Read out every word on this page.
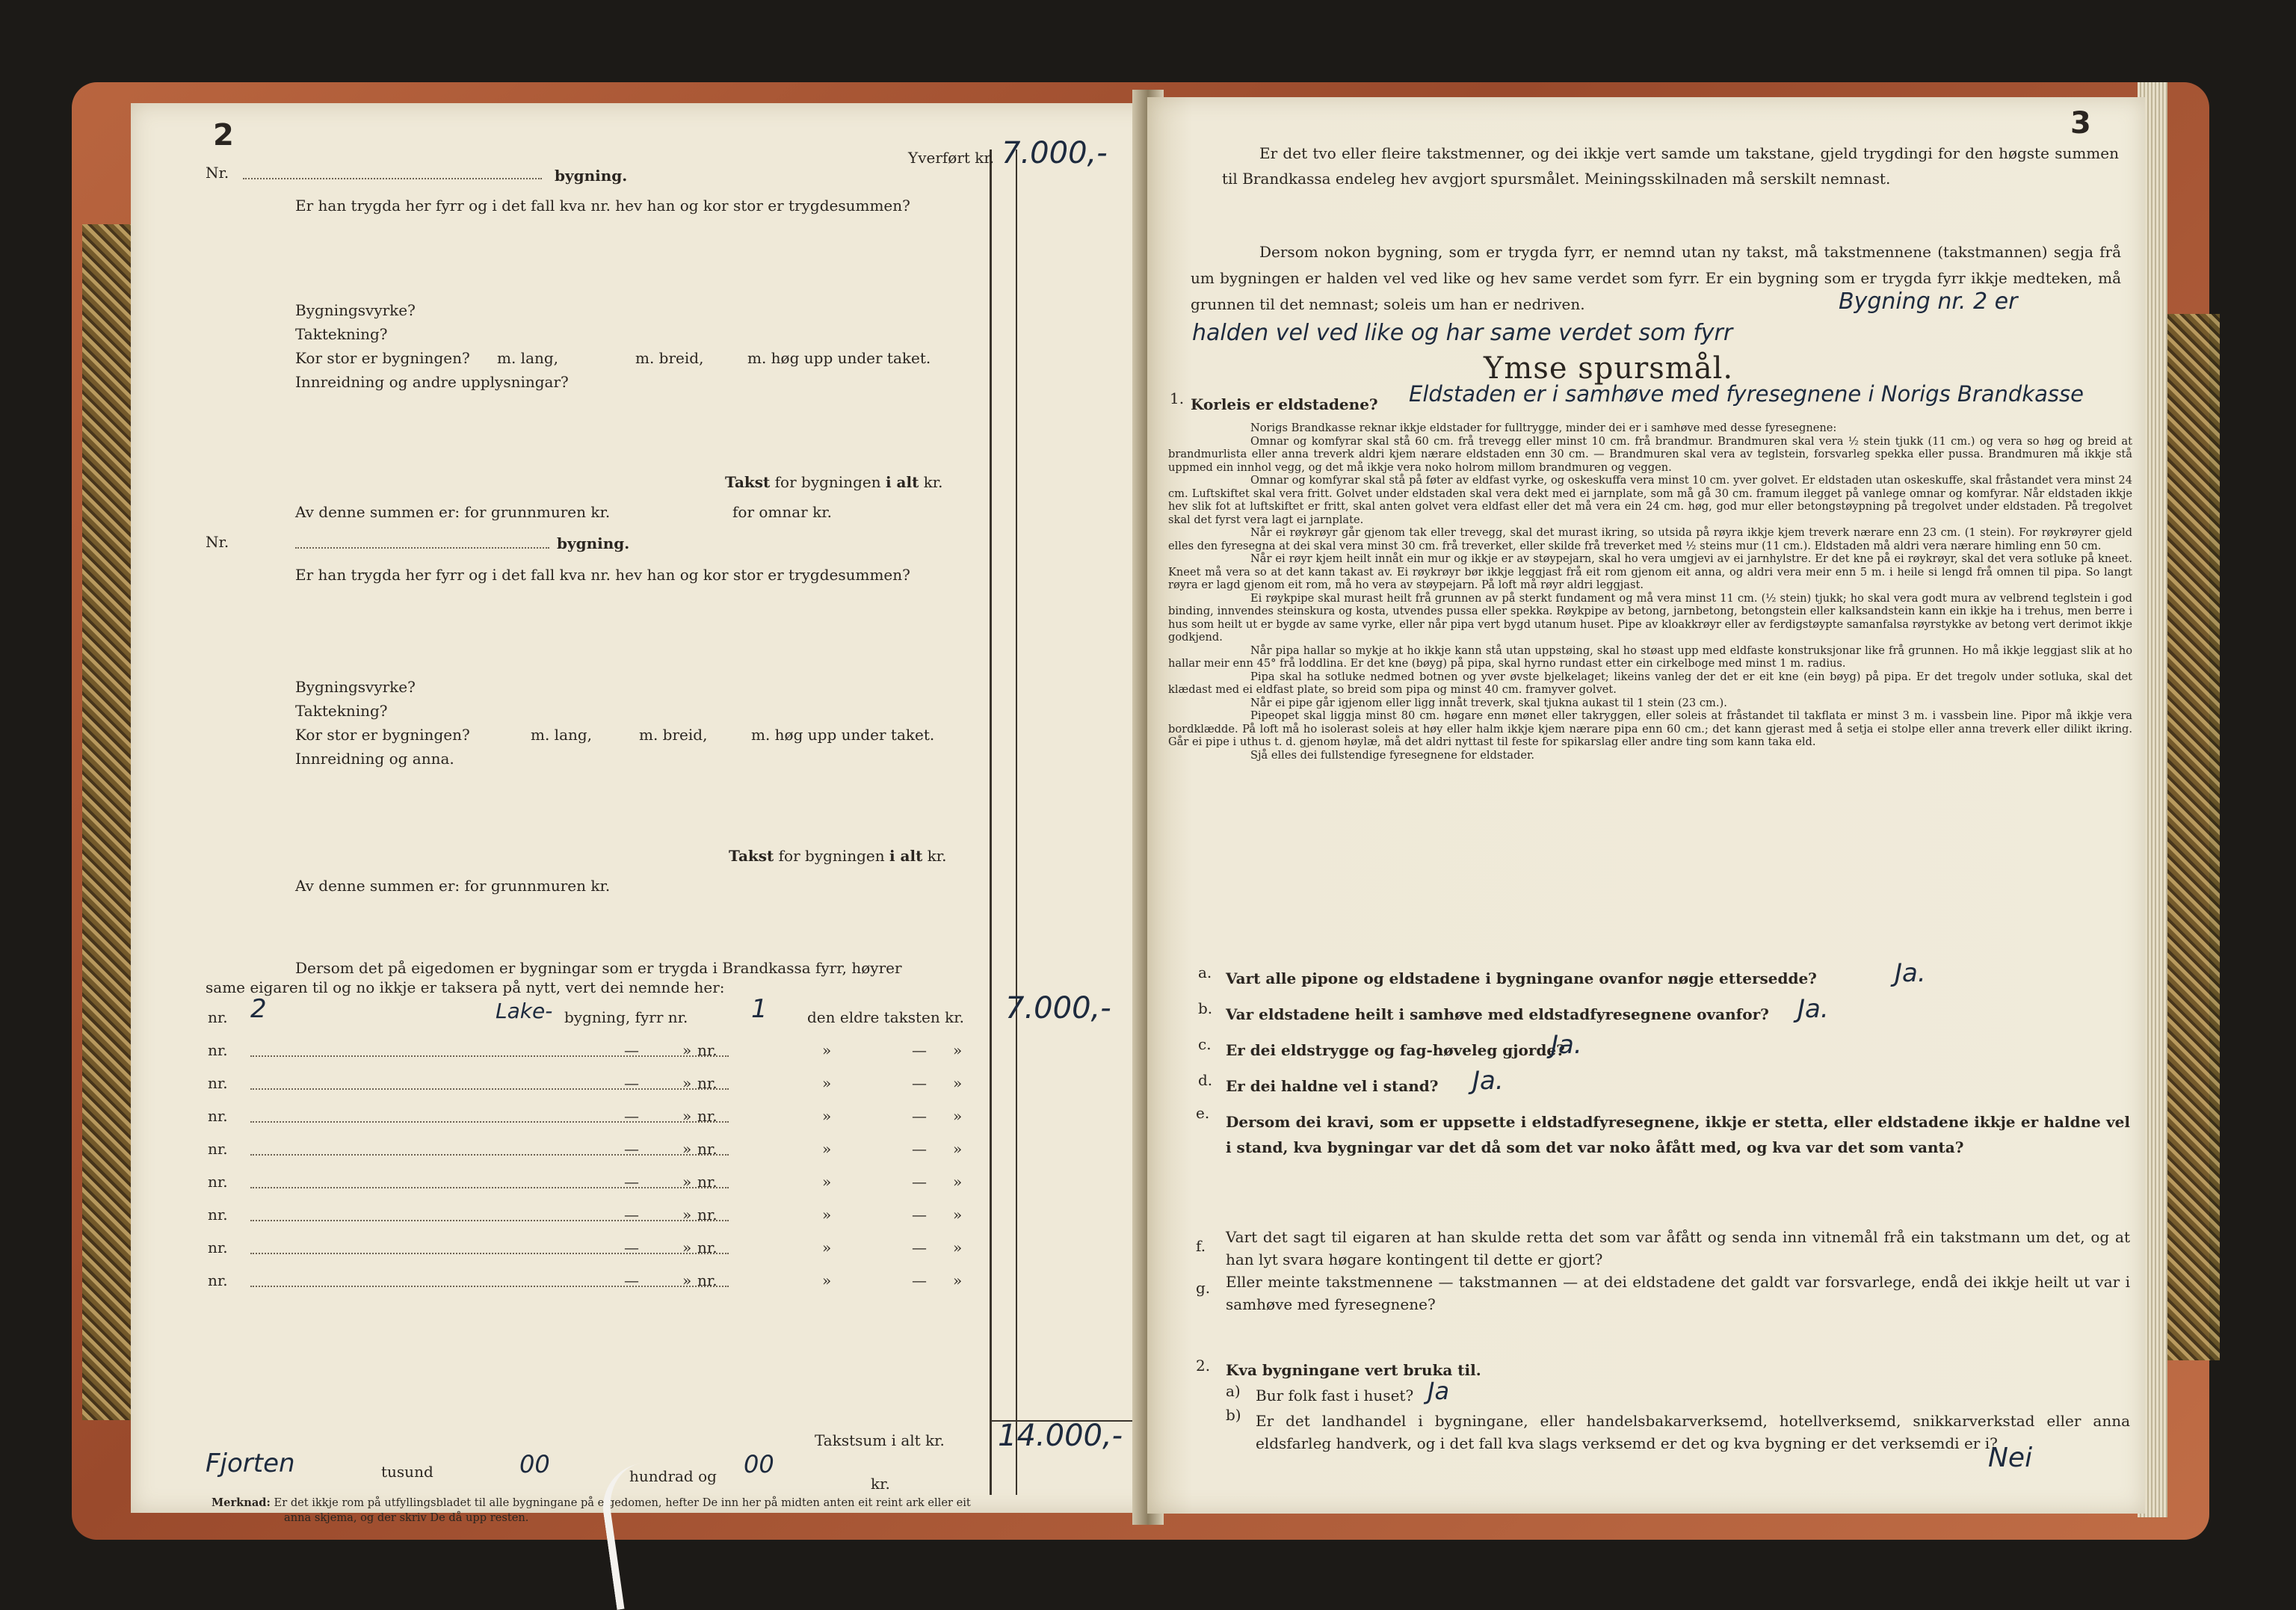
2
Nr.	bygning.
Yverført kr. 7.000,-
Er han trygda her fyrr og i det fall kva nr. hev han og kor stor er trygdesummen?
Bygningsvyrke?
Taktekning?
Kor stor er bygningen? m. lang,	m. breid,	m. høg upp under taket.
Innreidning og andre upplysningar?
Takst for bygningen i alt kr.
Av denne summen er: for grunnmuren kr.	for omnar kr.
Nr.	bygning.
Er han trygda her fyrr og i det fall kva nr. hev han og kor stor er trygdesummen?
Bygningsvyrke?
Taktekning?
Kor stor er bygningen?	m. lang,	m. breid,	m. høg upp under taket.
Innreidning og anna.
Takst for bygningen i alt kr.
Av denne summen er: for grunnmuren kr.
Dersom det på eigedomen er bygningar som er trygda i Brandkassa fyrr, høyrer
same eigaren til og no ikkje er taksera på nytt, vert dei nemnde her:
nr. 2	Lake- bygning, fyrr nr. 1	den eldre taksten kr. 7.000,-
nr.	—	» nr.	»	— »
nr.	—	» nr.	»	— »
nr.	—	» nr.	»	— »
nr.	—	» nr.	»	— »
nr.	—	» nr.	»	— »
nr.	—	» nr.	»	— »
nr.	—	» nr.	»	— »
nr.	—	» nr.	»	— »
Takstsum i alt kr. 14.000,-
Fjorten	tusund	00	hundrad og 00
kr.
Merknad: Er det ikkje rom på utfyllingsbladet til alle bygningane på eigedomen, hefter De inn her på midten anten eit reint ark eller eit
anna skjema, og der skriv De då upp resten.
3
Er det tvo eller fleire takstmenner, og dei ikkje vert samde um takstane, gjeld trygdingi for den høgste summen til Brandkassa endeleg hev avgjort spursmålet. Meiningsskilnaden må serskilt nemnast.
Dersom nokon bygning, som er trygda fyrr, er nemnd utan ny takst, må takstmennene (takstmannen) segja frå um bygningen er halden vel ved like og hev same verdet som fyrr. Er ein bygning som er trygda fyrr ikkje medteken, må grunnen til det nemnast; soleis um han er nedriven.	Bygning nr. 2 er
halden vel ved like og har same verdet som fyrr
Ymse spursmål.
1. Korleis er eldstadene? Eldstaden er i samhøve med fyresegnene i Norigs Brandkasse
Norigs Brandkasse reknar ikkje eldstader for fulltrygge, minder dei er i samhøve med desse fyresegnene:
Omnar og komfyrar skal stå 60 cm. frå trevegg eller minst 10 cm. frå brandmur. Brandmuren skal vera ½ stein tjukk (11 cm.) og vera so høg og breid at brandmurlista eller anna treverk aldri kjem nærare eldstaden enn 30 cm. — Brandmuren skal vera av teglstein, forsvarleg spekka eller pussa. Brandmuren må ikkje stå uppmed ein innhol vegg, og det må ikkje vera noko holrom millom brandmuren og veggen.
Omnar og komfyrar skal stå på føter av eldfast vyrke, og oskeskuffa vera minst 10 cm. yver golvet. Er eldstaden utan oskeskuffe, skal fråstandet vera minst 24 cm. Luftskiftet skal vera fritt. Golvet under eldstaden skal vera dekt med ei jarnplate, som må gå 30 cm. framum ilegget på vanlege omnar og komfyrar. Når eldstaden ikkje hev slik fot at luftskiftet er fritt, skal anten golvet vera eldfast eller det må vera ein 24 cm. høg, god mur eller betongstøypning på tregolvet under eldstaden. På tregolvet skal det fyrst vera lagt ei jarnplate.
Når ei røykrøyr går gjenom tak eller trevegg, skal det murast ikring, so utsida på røyra ikkje kjem treverk nærare enn 23 cm. (1 stein). For røykrøyrer gjeld elles den fyresegna at dei skal vera minst 30 cm. frå treverket, eller skilde frå treverket med ½ steins mur (11 cm.). Eldstaden må aldri vera nærare himling enn 50 cm.
Når ei røyr kjem heilt innåt ein mur og ikkje er av støypejarn, skal ho vera umgjevi av ei jarnhylstre. Er det kne på ei røykrøyr, skal det vera sotluke på kneet. Kneet må vera so at det kann takast av. Ei røykrøyr bør ikkje leggjast frå eit rom gjenom eit anna, og aldri vera meir enn 5 m. i heile si lengd frå omnen til pipa. So langt røyra er lagd gjenom eit rom, må ho vera av støypejarn. På loft må røyr aldri leggjast.
Ei røykpipe skal murast heilt frå grunnen av på sterkt fundament og må vera minst 11 cm. (½ stein) tjukk; ho skal vera godt mura av velbrend teglstein i god binding, innvendes steinskura og kosta, utvendes pussa eller spekka. Røykpipe av betong, jarnbetong, betongstein eller kalksandstein kann ein ikkje ha i trehus, men berre i hus som heilt ut er bygde av same vyrke, eller når pipa vert bygd utanum huset. Pipe av kloakkrøyr eller av ferdigstøypte samanfalsa røyrstykke av betong vert derimot ikkje godkjend.
Når pipa hallar so mykje at ho ikkje kann stå utan uppstøing, skal ho støast upp med eldfaste konstruksjonar like frå grunnen. Ho må ikkje leggjast slik at ho hallar meir enn 45° frå loddlina. Er det kne (bøyg) på pipa, skal hyrno rundast etter ein cirkelboge med minst 1 m. radius.
Pipa skal ha sotluke nedmed botnen og yver øvste bjelkelaget; likeins vanleg der det er eit kne (ein bøyg) på pipa. Er det tregolv under sotluka, skal det klædast med ei eldfast plate, so breid som pipa og minst 40 cm. framyver golvet.
Når ei pipe går igjenom eller ligg innåt treverk, skal tjukna aukast til 1 stein (23 cm.).
Pipeopet skal liggja minst 80 cm. høgare enn mønet eller takryggen, eller soleis at fråstandet til takflata er minst 3 m. i vassbein line. Pipor må ikkje vera bordklædde. På loft må ho isolerast soleis at høy eller halm ikkje kjem nærare pipa enn 60 cm.; det kann gjerast med å setja ei stolpe eller anna treverk eller dilikt ikring. Går ei pipe i uthus t. d. gjenom høylæ, må det aldri nyttast til feste for spikarslag eller andre ting som kann taka eld.
Sjå elles dei fullstendige fyresegnene for eldstader.
a. Vart alle pipone og eldstadene i bygningane ovanfor nøgje ettersedde?	Ja.
b. Var eldstadene heilt i samhøve med eldstadfyresegnene ovanfor? Ja.
c. Er dei eldstrygge og fag-høveleg gjorde?
Ja.
d. Er dei haldne vel i stand? Ja.
e. Dersom dei kravi, som er uppsette i eldstadfyresegnene, ikkje er stetta, eller eldstadene ikkje er haldne vel i stand, kva bygningar var det då som det var noko åfått med, og kva var det som vanta?
f. Vart det sagt til eigaren at han skulde retta det som var åfått og senda inn vitnemål frå ein takstmann um det, og at han lyt svara høgare kontingent til dette er gjort?
g. Eller meinte takstmennene — takstmannen — at dei eldstadene det galdt var forsvarlege, endå dei ikkje heilt ut var i samhøve med fyresegnene?
2. Kva bygningane vert bruka til.
a) Bur folk fast i huset? Ja
b) Er det landhandel i bygningane, eller handelsbakarverksemd, hotellverksemd, snikkarverkstad eller anna eldsfarleg handverk, og i det fall kva slags verksemd er det og kva bygning er det verksemdi er i?
Nei
